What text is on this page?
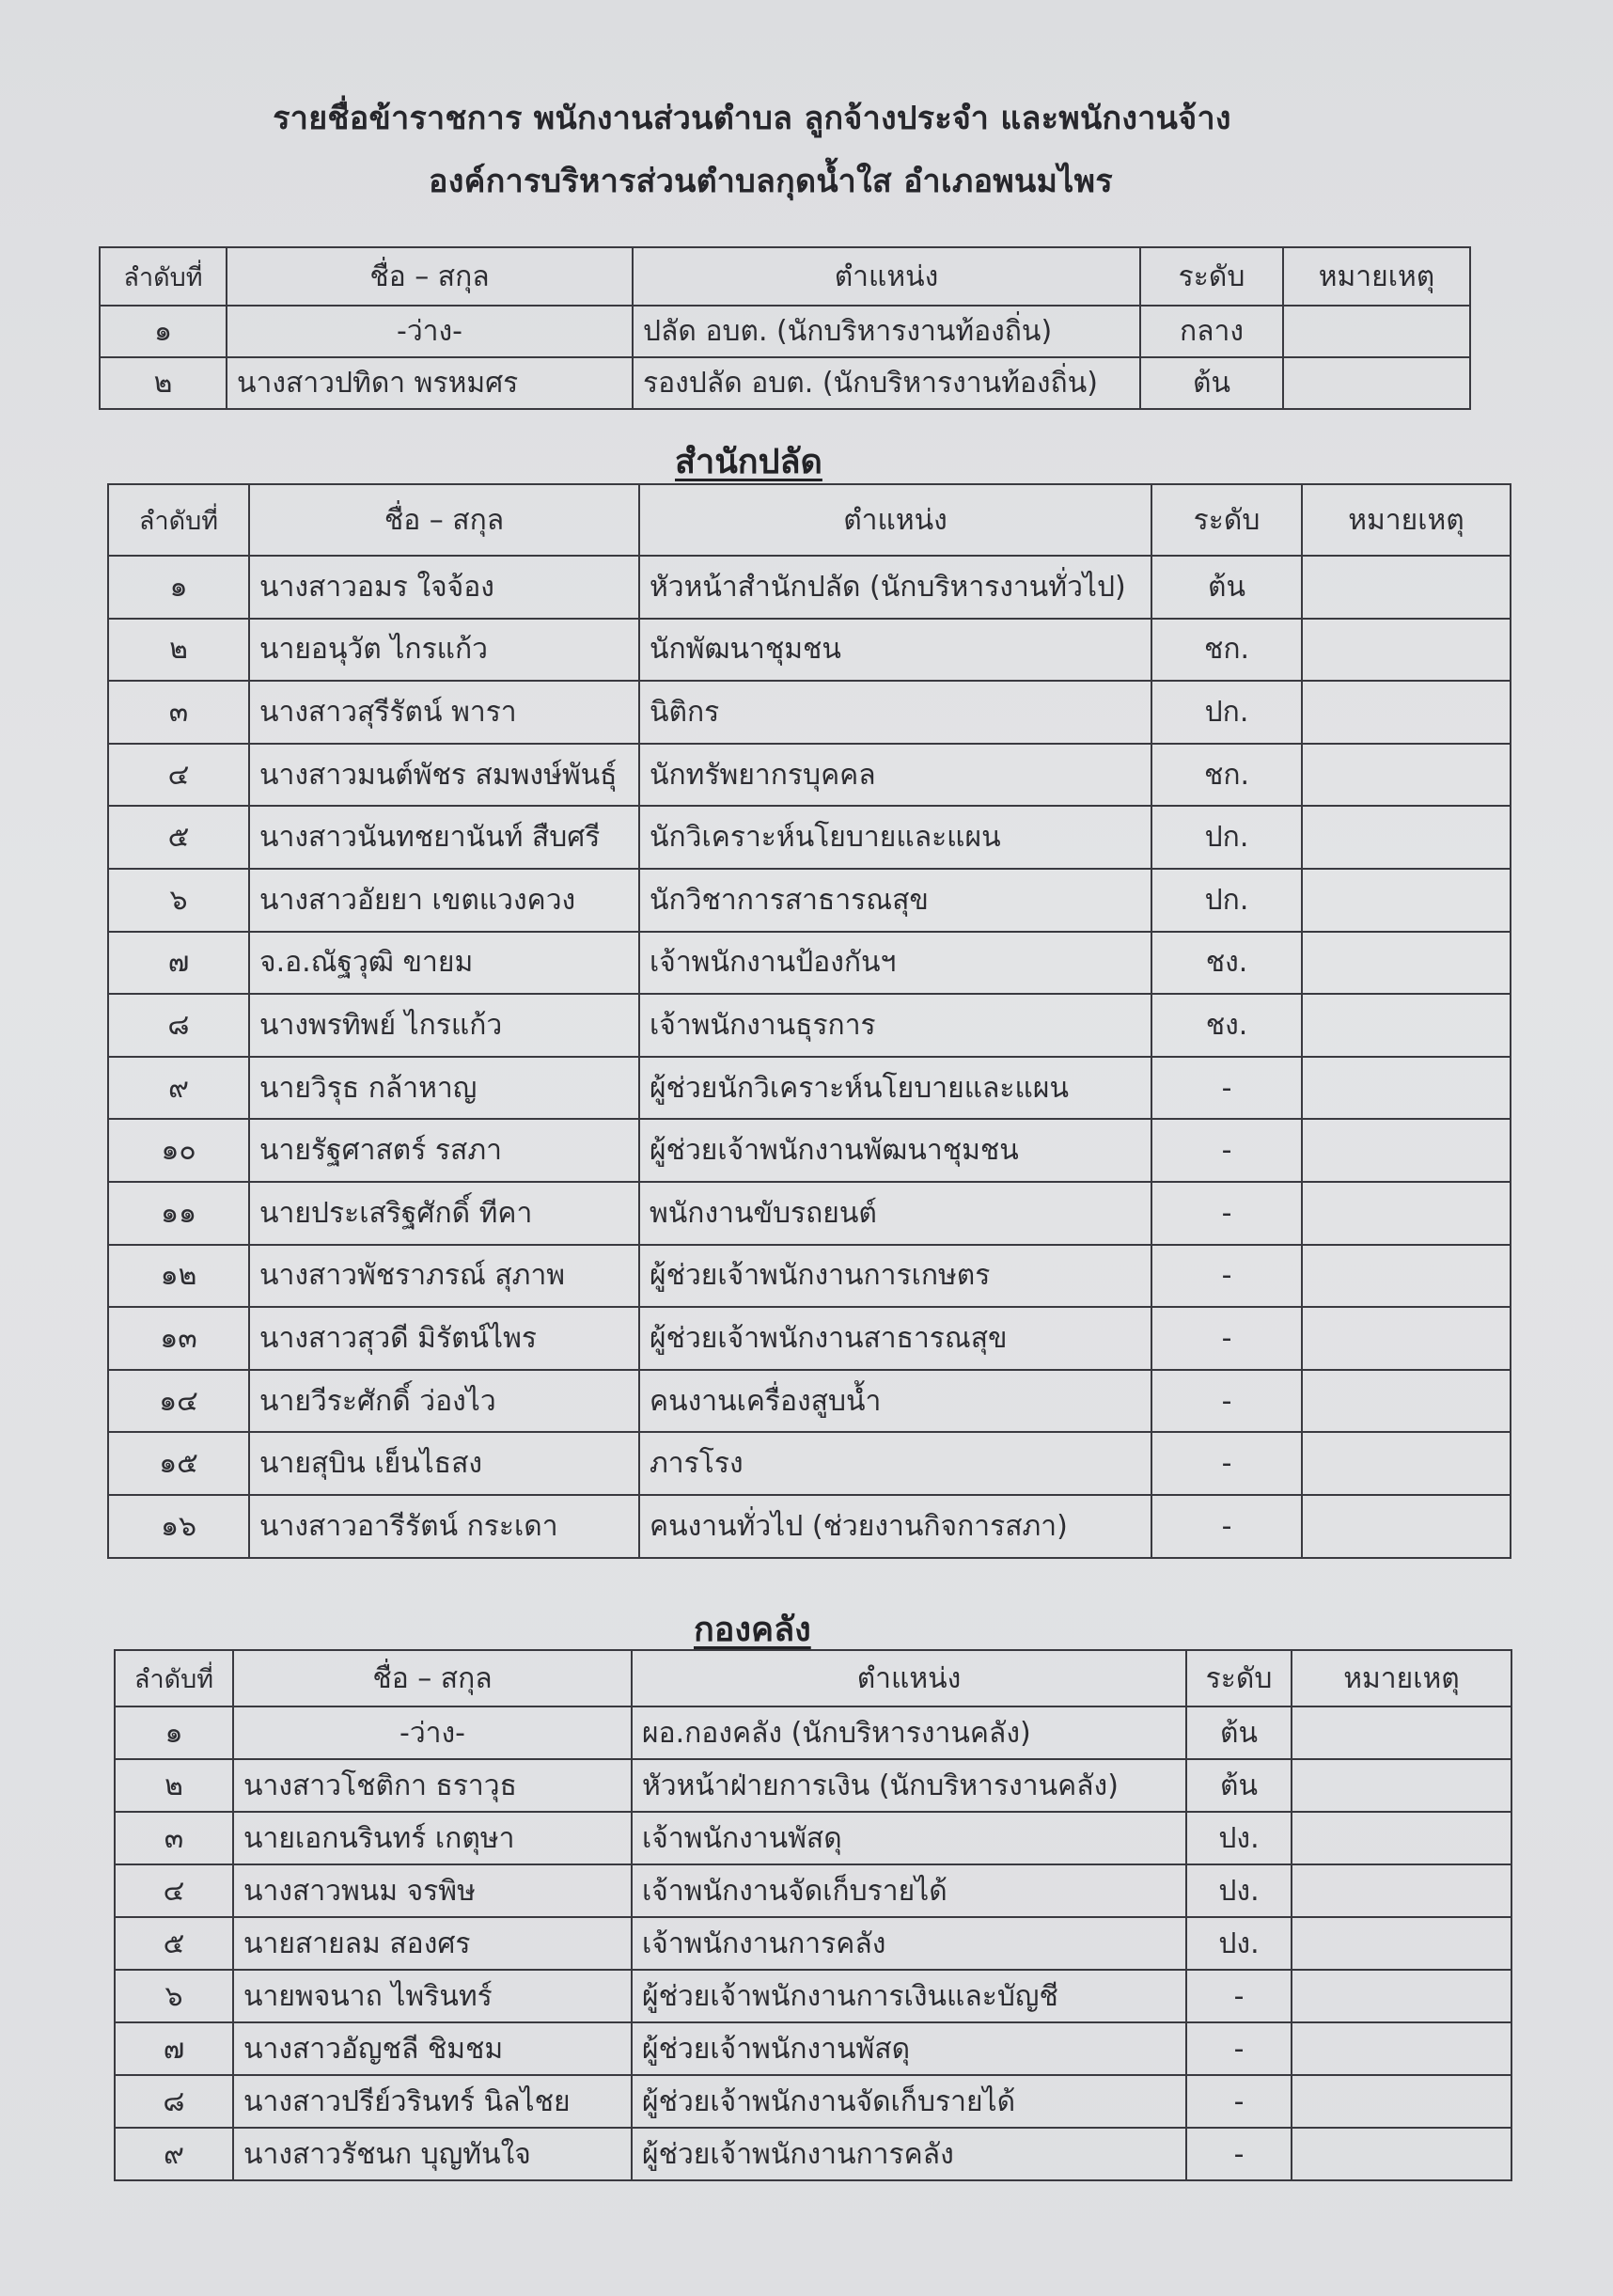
รายชื่อข้าราชการ พนักงานส่วนตำบล ลูกจ้างประจำ และพนักงานจ้าง
องค์การบริหารส่วนตำบลกุดน้ำใส อำเภอพนมไพร
ลำดับที่	ชื่อ – สกุล	ตำแหน่ง	ระดับ	หมายเหตุ
๑	-ว่าง-	ปลัด อบต. (นักบริหารงานท้องถิ่น)	กลาง	
๒	นางสาวปทิดา พรหมศร	รองปลัด อบต. (นักบริหารงานท้องถิ่น)	ต้น	
สำนักปลัด
ลำดับที่	ชื่อ – สกุล	ตำแหน่ง	ระดับ	หมายเหตุ
๑	นางสาวอมร ใจจ้อง	หัวหน้าสำนักปลัด (นักบริหารงานทั่วไป)	ต้น	
๒	นายอนุวัต ไกรแก้ว	นักพัฒนาชุมชน	ชก.	
๓	นางสาวสุรีรัตน์ พารา	นิติกร	ปก.	
๔	นางสาวมนต์พัชร สมพงษ์พันธุ์	นักทรัพยากรบุคคล	ชก.	
๕	นางสาวนันทชยานันท์ สืบศรี	นักวิเคราะห์นโยบายและแผน	ปก.	
๖	นางสาวอัยยา เขตแวงควง	นักวิชาการสาธารณสุข	ปก.	
๗	จ.อ.ณัฐวุฒิ ขายม	เจ้าพนักงานป้องกันฯ	ชง.	
๘	นางพรทิพย์ ไกรแก้ว	เจ้าพนักงานธุรการ	ชง.	
๙	นายวิรุธ กล้าหาญ	ผู้ช่วยนักวิเคราะห์นโยบายและแผน	-	
๑๐	นายรัฐศาสตร์ รสภา	ผู้ช่วยเจ้าพนักงานพัฒนาชุมชน	-	
๑๑	นายประเสริฐศักดิ์ ทีคา	พนักงานขับรถยนต์	-	
๑๒	นางสาวพัชราภรณ์ สุภาพ	ผู้ช่วยเจ้าพนักงานการเกษตร	-	
๑๓	นางสาวสุวดี มิรัตน์ไพร	ผู้ช่วยเจ้าพนักงานสาธารณสุข	-	
๑๔	นายวีระศักดิ์ ว่องไว	คนงานเครื่องสูบน้ำ	-	
๑๕	นายสุบิน เย็นไธสง	ภารโรง	-	
๑๖	นางสาวอารีรัตน์ กระเดา	คนงานทั่วไป (ช่วยงานกิจการสภา)	-	
กองคลัง
ลำดับที่	ชื่อ – สกุล	ตำแหน่ง	ระดับ	หมายเหตุ
๑	-ว่าง-	ผอ.กองคลัง (นักบริหารงานคลัง)	ต้น	
๒	นางสาวโชติกา ธราวุธ	หัวหน้าฝ่ายการเงิน (นักบริหารงานคลัง)	ต้น	
๓	นายเอกนรินทร์ เกตุษา	เจ้าพนักงานพัสดุ	ปง.	
๔	นางสาวพนม จรพิษ	เจ้าพนักงานจัดเก็บรายได้	ปง.	
๕	นายสายลม สองศร	เจ้าพนักงานการคลัง	ปง.	
๖	นายพจนาถ ไพรินทร์	ผู้ช่วยเจ้าพนักงานการเงินและบัญชี	-	
๗	นางสาวอัญชลี ชิมชม	ผู้ช่วยเจ้าพนักงานพัสดุ	-	
๘	นางสาวปรีย์วรินทร์ นิลไชย	ผู้ช่วยเจ้าพนักงานจัดเก็บรายได้	-	
๙	นางสาวรัชนก บุญทันใจ	ผู้ช่วยเจ้าพนักงานการคลัง	-	
